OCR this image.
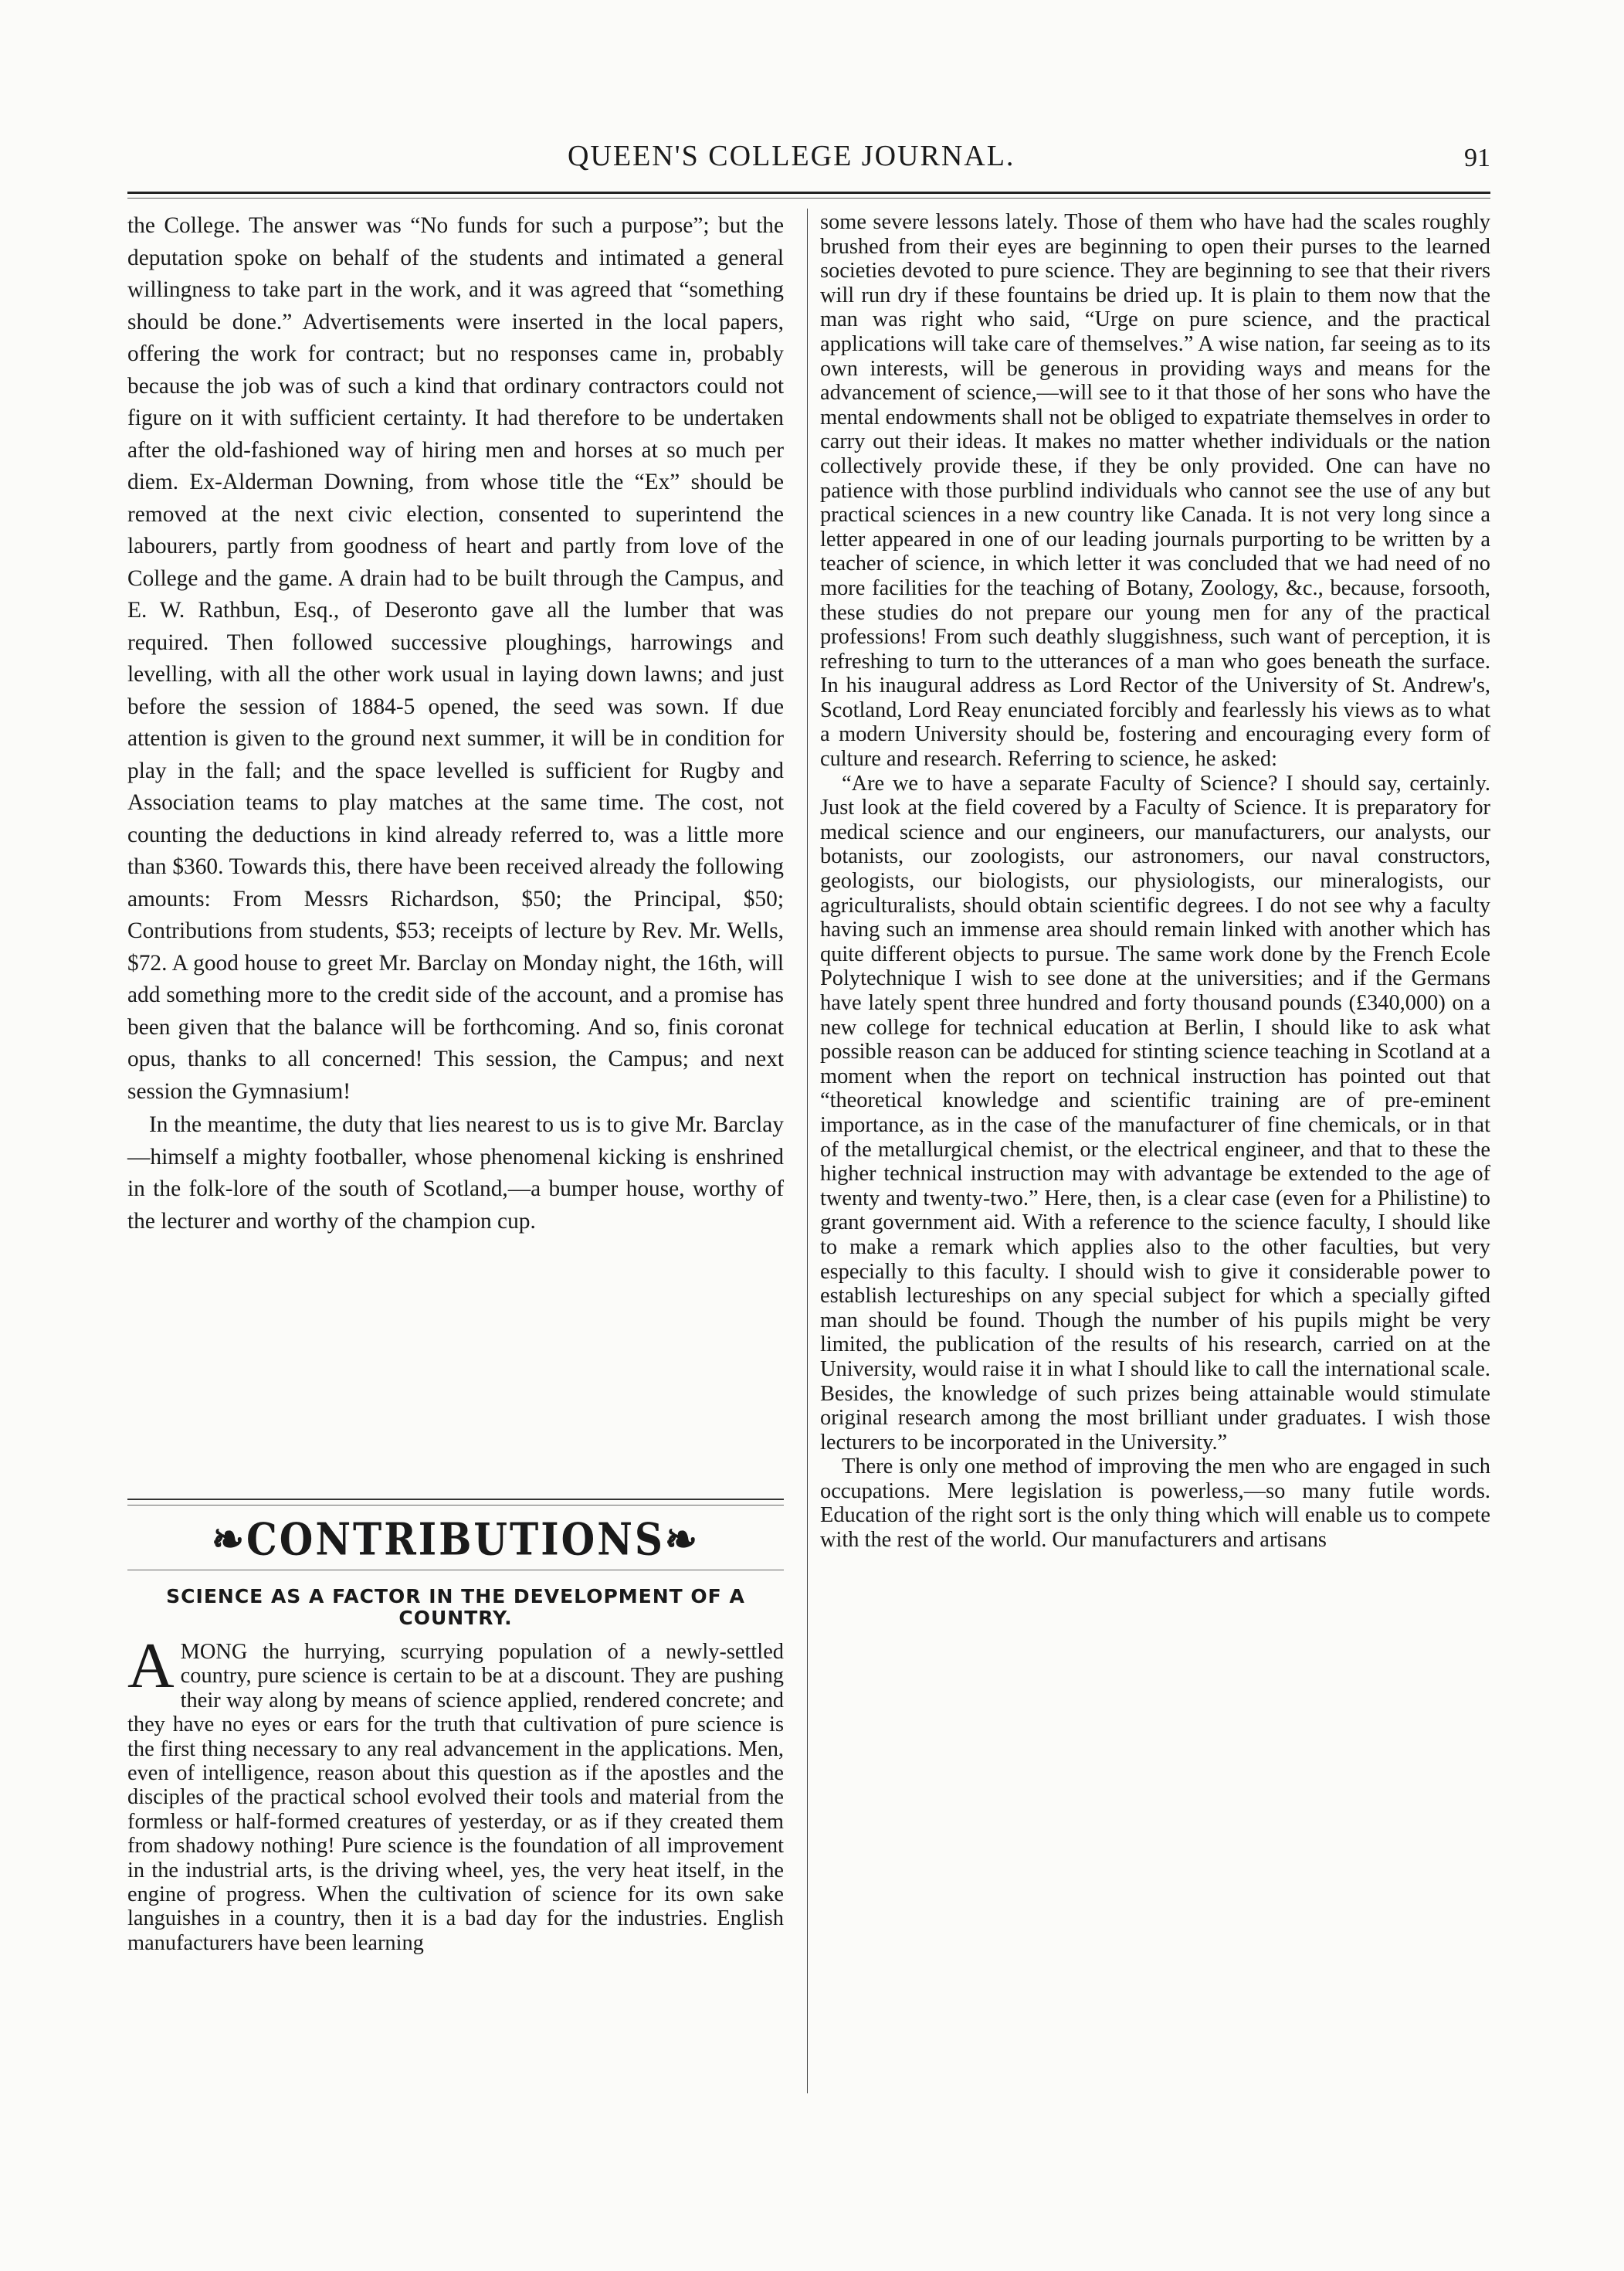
QUEEN'S COLLEGE JOURNAL.	91

the College. The answer was “No funds for such a purpose”; but the deputation spoke on behalf of the students and intimated a general willingness to take part in the work, and it was agreed that “something should be done.” Advertisements were inserted in the local papers, offering the work for contract; but no responses came in, probably because the job was of such a kind that ordinary contractors could not figure on it with sufficient certainty. It had therefore to be undertaken after the old-fashioned way of hiring men and horses at so much per diem. Ex-Alderman Downing, from whose title the “Ex” should be removed at the next civic election, consented to superintend the labourers, partly from goodness of heart and partly from love of the College and the game. A drain had to be built through the Campus, and E. W. Rathbun, Esq., of Deseronto gave all the lumber that was required. Then followed successive ploughings, harrowings and levelling, with all the other work usual in laying down lawns; and just before the session of 1884-5 opened, the seed was sown. If due attention is given to the ground next summer, it will be in condition for play in the fall; and the space levelled is sufficient for Rugby and Association teams to play matches at the same time. The cost, not counting the deductions in kind already referred to, was a little more than $360. Towards this, there have been received already the following amounts: From Messrs Richardson, $50; the Principal, $50; Contributions from students, $53; receipts of lecture by Rev. Mr. Wells, $72. A good house to greet Mr. Barclay on Monday night, the 16th, will add something more to the credit side of the account, and a promise has been given that the balance will be forthcoming. And so, finis coronat opus, thanks to all concerned! This session, the Campus; and next session the Gymnasium!

In the meantime, the duty that lies nearest to us is to give Mr. Barclay—himself a mighty footballer, whose phenomenal kicking is enshrined in the folk-lore of the south of Scotland,—a bumper house, worthy of the lecturer and worthy of the champion cup.

❧CONTRIBUTIONS❧
SCIENCE AS A FACTOR IN THE DEVELOPMENT OF A COUNTRY.
A MONG the hurrying, scurrying population of a newly-settled country, pure science is certain to be at a discount. They are pushing their way along by means of science applied, rendered concrete; and they have no eyes or ears for the truth that cultivation of pure science is the first thing necessary to any real advancement in the applications. Men, even of intelligence, reason about this question as if the apostles and the disciples of the practical school evolved their tools and material from the formless or half-formed creatures of yesterday, or as if they created them from shadowy nothing! Pure science is the foundation of all improvement in the industrial arts, is the driving wheel, yes, the very heat itself, in the engine of progress. When the cultivation of science for its own sake languishes in a country, then it is a bad day for the industries. English manufacturers have been learning

some severe lessons lately. Those of them who have had the scales roughly brushed from their eyes are beginning to open their purses to the learned societies devoted to pure science. They are beginning to see that their rivers will run dry if these fountains be dried up. It is plain to them now that the man was right who said, “Urge on pure science, and the practical applications will take care of themselves.” A wise nation, far seeing as to its own interests, will be generous in providing ways and means for the advancement of science,—will see to it that those of her sons who have the mental endowments shall not be obliged to expatriate themselves in order to carry out their ideas. It makes no matter whether individuals or the nation collectively provide these, if they be only provided. One can have no patience with those purblind individuals who cannot see the use of any but practical sciences in a new country like Canada. It is not very long since a letter appeared in one of our leading journals purporting to be written by a teacher of science, in which letter it was concluded that we had need of no more facilities for the teaching of Botany, Zoology, &c., because, forsooth, these studies do not prepare our young men for any of the practical professions! From such deathly sluggishness, such want of perception, it is refreshing to turn to the utterances of a man who goes beneath the surface. In his inaugural address as Lord Rector of the University of St. Andrew's, Scotland, Lord Reay enunciated forcibly and fearlessly his views as to what a modern University should be, fostering and encouraging every form of culture and research. Referring to science, he asked:

“Are we to have a separate Faculty of Science? I should say, certainly. Just look at the field covered by a Faculty of Science. It is preparatory for medical science and our engineers, our manufacturers, our analysts, our botanists, our zoologists, our astronomers, our naval constructors, geologists, our biologists, our physiologists, our mineralogists, our agriculturalists, should obtain scientific degrees. I do not see why a faculty having such an immense area should remain linked with another which has quite different objects to pursue. The same work done by the French Ecole Polytechnique I wish to see done at the universities; and if the Germans have lately spent three hundred and forty thousand pounds (£340,000) on a new college for technical education at Berlin, I should like to ask what possible reason can be adduced for stinting science teaching in Scotland at a moment when the report on technical instruction has pointed out that “theoretical knowledge and scientific training are of pre-eminent importance, as in the case of the manufacturer of fine chemicals, or in that of the metallurgical chemist, or the electrical engineer, and that to these the higher technical instruction may with advantage be extended to the age of twenty and twenty-two.” Here, then, is a clear case (even for a Philistine) to grant government aid. With a reference to the science faculty, I should like to make a remark which applies also to the other faculties, but very especially to this faculty. I should wish to give it considerable power to establish lectureships on any special subject for which a specially gifted man should be found. Though the number of his pupils might be very limited, the publication of the results of his research, carried on at the University, would raise it in what I should like to call the international scale. Besides, the knowledge of such prizes being attainable would stimulate original research among the most brilliant under graduates. I wish those lecturers to be incorporated in the University.”

There is only one method of improving the men who are engaged in such occupations. Mere legislation is powerless,—so many futile words. Education of the right sort is the only thing which will enable us to compete with the rest of the world. Our manufacturers and artisans
